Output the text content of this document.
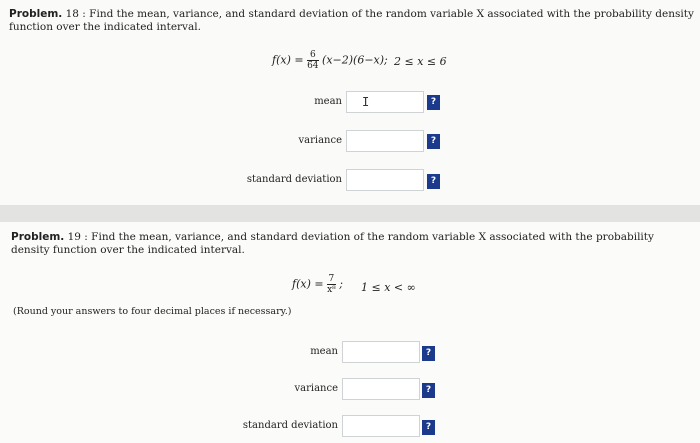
Problem. 18 : Find the mean, variance, and standard deviation of the random variable X associated with the probability density function over the indicated interval.
$f(x) = \frac{6}{64} (x-2)(6-x)$; 2 ≤ x ≤ 6
mean I	?
variance	?
standard deviation	?
Problem. 19 : Find the mean, variance, and standard deviation of the random variable X associated with the probability density function over the indicated interval.
$f(x) = \frac{7}{\text{x⁸}}$ ; 1 ≤ x < ∞
(Round your answers to four decimal places if necessary.)
mean	?
variance	?
standard deviation	?
